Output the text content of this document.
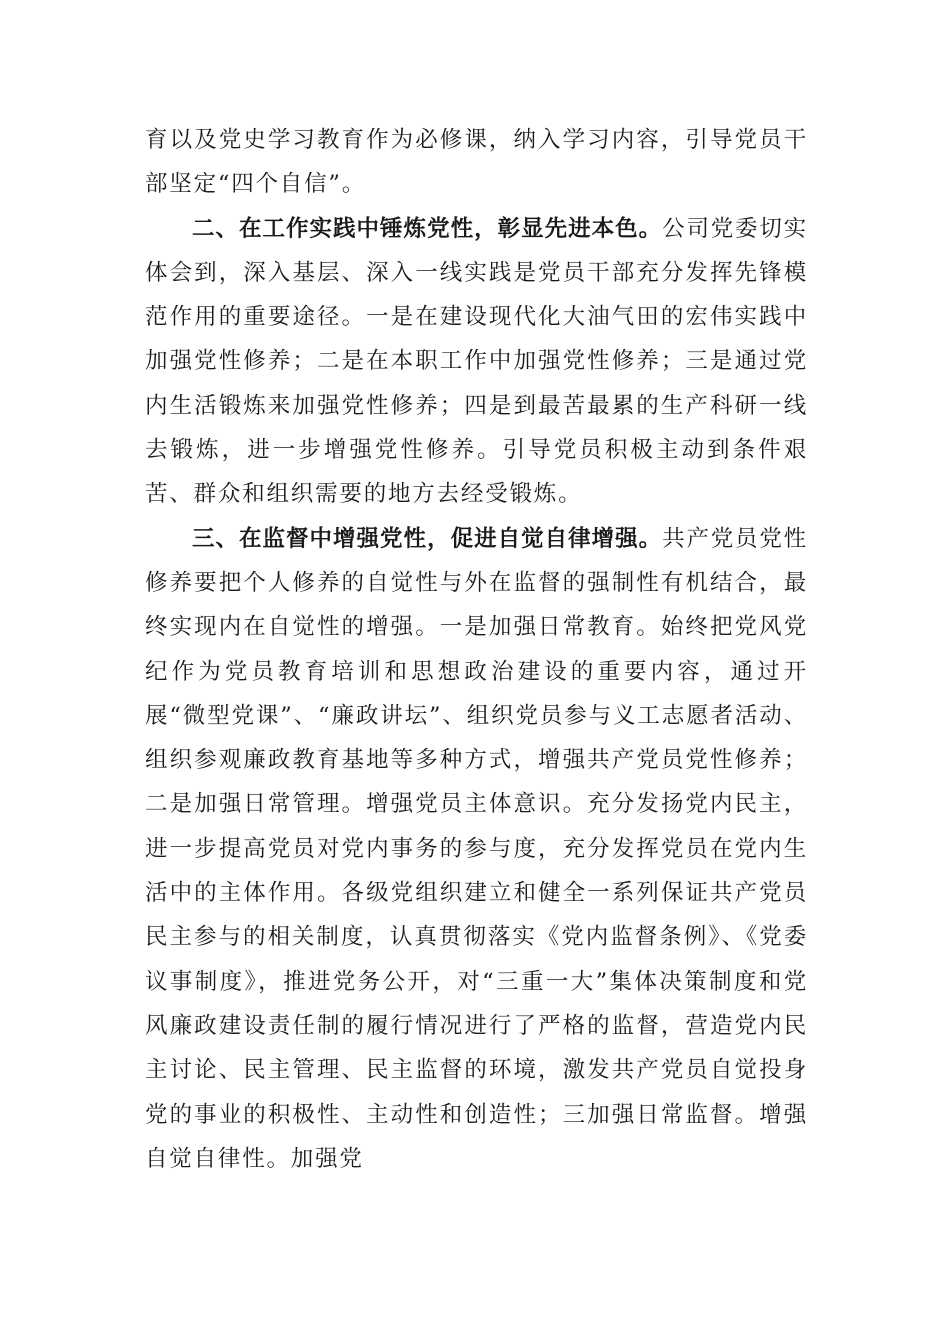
育以及党史学习教育作为必修课，纳入学习内容，引导党员干部坚定“四个自信”。

二、在工作实践中锤炼党性，彰显先进本色。公司党委切实体会到，深入基层、深入一线实践是党员干部充分发挥先锋模范作用的重要途径。一是在建设现代化大油气田的宏伟实践中加强党性修养；二是在本职工作中加强党性修养；三是通过党内生活锻炼来加强党性修养；四是到最苦最累的生产科研一线去锻炼，进一步增强党性修养。引导党员积极主动到条件艰苦、群众和组织需要的地方去经受锻炼。

三、在监督中增强党性，促进自觉自律增强。共产党员党性修养要把个人修养的自觉性与外在监督的强制性有机结合，最终实现内在自觉性的增强。一是加强日常教育。始终把党风党纪作为党员教育培训和思想政治建设的重要内容，通过开展“微型党课”、“廉政讲坛”、组织党员参与义工志愿者活动、组织参观廉政教育基地等多种方式，增强共产党员党性修养；二是加强日常管理。增强党员主体意识。充分发扬党内民主，进一步提高党员对党内事务的参与度，充分发挥党员在党内生活中的主体作用。各级党组织建立和健全一系列保证共产党员民主参与的相关制度，认真贯彻落实《党内监督条例》、《党委议事制度》，推进党务公开，对“三重一大”集体决策制度和党风廉政建设责任制的履行情况进行了严格的监督，营造党内民主讨论、民主管理、民主监督的环境，激发共产党员自觉投身党的事业的积极性、主动性和创造性；三加强日常监督。增强自觉自律性。加强党
